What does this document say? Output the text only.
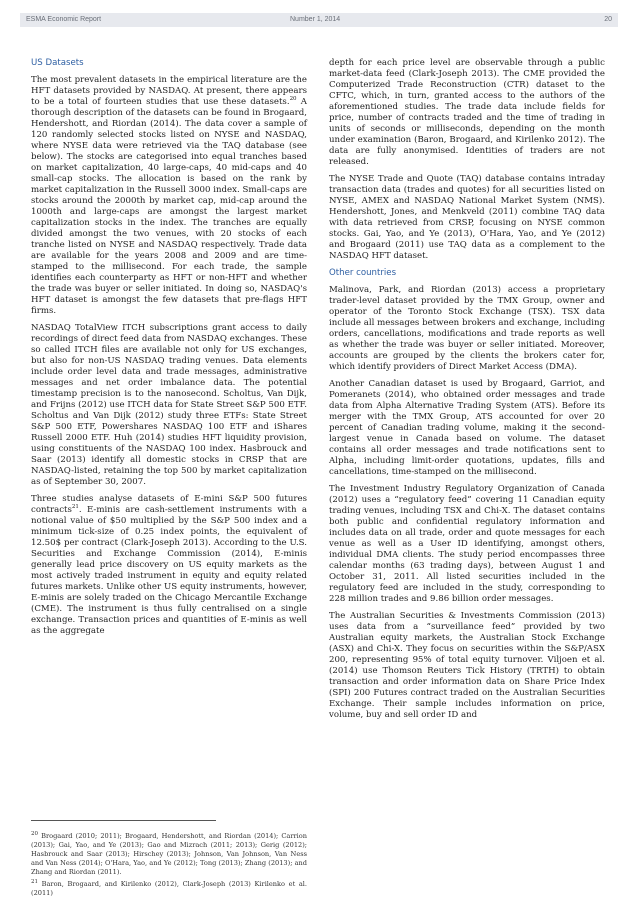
ESMA Economic Report	Number 1, 2014	20
US Datasets

The most prevalent datasets in the empirical literature are the HFT datasets provided by NASDAQ. At present, there appears to be a total of fourteen studies that use these datasets.$^{20}$ A thorough description of the datasets can be found in Brogaard, Hendershott, and Riordan (2014). The data cover a sample of 120 randomly selected stocks listed on NYSE and NASDAQ, where NYSE data were retrieved via the TAQ database (see below). The stocks are categorised into equal tranches based on market capitalization, 40 large-caps, 40 mid-caps and 40 small-cap stocks. The allocation is based on the rank by market capitalization in the Russell 3000 index. Small-caps are stocks around the 2000th by market cap, mid-cap around the 1000th and large-caps are amongst the largest market capitalization stocks in the index. The tranches are equally divided amongst the two venues, with 20 stocks of each tranche listed on NYSE and NASDAQ respectively. Trade data are available for the years 2008 and 2009 and are time-stamped to the millisecond. For each trade, the sample identifies each counterparty as HFT or non-HFT and whether the trade was buyer or seller initiated. In doing so, NASDAQ's HFT dataset is amongst the few datasets that pre-flags HFT firms.

NASDAQ TotalView ITCH subscriptions grant access to daily recordings of direct feed data from NASDAQ exchanges. These so called ITCH files are available not only for US exchanges, but also for non-US NASDAQ trading venues. Data elements include order level data and trade messages, administrative messages and net order imbalance data. The potential timestamp precision is to the nanosecond. Scholtus, Van Dijk, and Frijns (2012) use ITCH data for State Street S&P 500 ETF. Scholtus and Van Dijk (2012) study three ETFs: State Street S&P 500 ETF, Powershares NASDAQ 100 ETF and iShares Russell 2000 ETF. Huh (2014) studies HFT liquidity provision, using constituents of the NASDAQ 100 index. Hasbrouck and Saar (2013) identify all domestic stocks in CRSP that are NASDAQ-listed, retaining the top 500 by market capitalization as of September 30, 2007.

Three studies analyse datasets of E-mini S&P 500 futures contracts$^{21}$. E-minis are cash-settlement instruments with a notional value of $50 multiplied by the S&P 500 index and a minimum tick-size of 0.25 index points, the equivalent of 12.50$ per contract (Clark-Joseph 2013). According to the U.S. Securities and Exchange Commission (2014), E-minis generally lead price discovery on US equity markets as the most actively traded instrument in equity and equity related futures markets. Unlike other US equity instruments, however, E-minis are solely traded on the Chicago Mercantile Exchange (CME). The instrument is thus fully centralised on a single exchange. Transaction prices and quantities of E-minis as well as the aggregate

$^{20}$ Brogaard (2010; 2011); Brogaard, Hendershott, and Riordan (2014); Carrion (2013); Gai, Yao, and Ye (2013); Gao and Mizrach (2011; 2013); Gerig (2012); Hasbrouck and Saar (2013); Hirschey (2013); Johnson, Van Johnson, Van Ness and Van Ness (2014); O'Hara, Yao, and Ye (2012); Tong (2013); Zhang (2013); and Zhang and Riordan (2011).

$^{21}$ Baron, Brogaard, and Kirilenko (2012), Clark-Joseph (2013) Kirilenko et al. (2011)

depth for each price level are observable through a public market-data feed (Clark-Joseph 2013). The CME provided the Computerized Trade Reconstruction (CTR) dataset to the CFTC, which, in turn, granted access to the authors of the aforementioned studies. The trade data include fields for price, number of contracts traded and the time of trading in units of seconds or milliseconds, depending on the month under examination (Baron, Brogaard, and Kirilenko 2012). The data are fully anonymised. Identities of traders are not released.

The NYSE Trade and Quote (TAQ) database contains intraday transaction data (trades and quotes) for all securities listed on NYSE, AMEX and NASDAQ National Market System (NMS). Hendershott, Jones, and Menkveld (2011) combine TAQ data with data retrieved from CRSP, focusing on NYSE common stocks. Gai, Yao, and Ye (2013), O'Hara, Yao, and Ye (2012) and Brogaard (2011) use TAQ data as a complement to the NASDAQ HFT dataset.

Other countries

Malinova, Park, and Riordan (2013) access a proprietary trader-level dataset provided by the TMX Group, owner and operator of the Toronto Stock Exchange (TSX). TSX data include all messages between brokers and exchange, including orders, cancellations, modifications and trade reports as well as whether the trade was buyer or seller initiated. Moreover, accounts are grouped by the clients the brokers cater for, which identify providers of Direct Market Access (DMA).

Another Canadian dataset is used by Brogaard, Garriot, and Pomeranets (2014), who obtained order messages and trade data from Alpha Alternative Trading System (ATS). Before its merger with the TMX Group, ATS accounted for over 20 percent of Canadian trading volume, making it the second-largest venue in Canada based on volume. The dataset contains all order messages and trade notifications sent to Alpha, including limit-order quotations, updates, fills and cancellations, time-stamped on the millisecond.

The Investment Industry Regulatory Organization of Canada (2012) uses a “regulatory feed” covering 11 Canadian equity trading venues, including TSX and Chi-X. The dataset contains both public and confidential regulatory information and includes data on all trade, order and quote messages for each venue as well as a User ID identifying, amongst others, individual DMA clients. The study period encompasses three calendar months (63 trading days), between August 1 and October 31, 2011. All listed securities included in the regulatory feed are included in the study, corresponding to 228 million trades and 9.86 billion order messages.

The Australian Securities & Investments Commission (2013) uses data from a “surveillance feed” provided by two Australian equity markets, the Australian Stock Exchange (ASX) and Chi-X. They focus on securities within the S&P/ASX 200, representing 95% of total equity turnover. Viljoen et al. (2014) use Thomson Reuters Tick History (TRTH) to obtain transaction and order information data on Share Price Index (SPI) 200 Futures contract traded on the Australian Securities Exchange. Their sample includes information on price, volume, buy and sell order ID and
